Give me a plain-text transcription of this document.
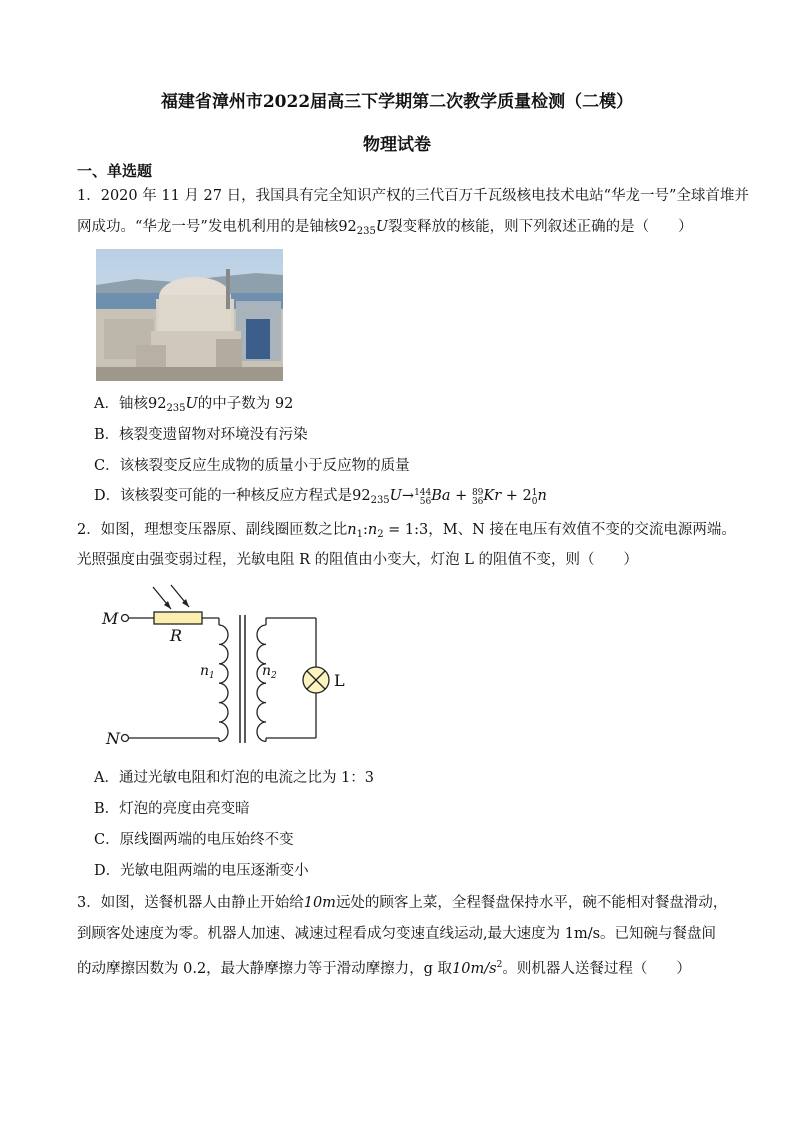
福建省漳州市2022届高三下学期第二次教学质量检测（二模）
物理试卷
一、单选题
1．2020 年 11 月 27 日，我国具有完全知识产权的三代百万千瓦级核电技术电站“华龙一号”全球首堆并
网成功。“华龙一号”发电机利用的是铀核$92_{235}U$裂变释放的核能，则下列叙述正确的是（　　）
A．铀核$92_{235}U$的中子数为 92
B．核裂变遗留物对环境没有污染
C．该核裂变反应生成物的质量小于反应物的质量
D．该核裂变可能的一种核反应方程式是$92_{235}U\to 144$
56Ba + 89
36Kr + 21
0n
2．如图，理想变压器原、副线圈匝数之比$n_1:n_2$ = 1:3，M、N 接在电压有效值不变的交流电源两端。
光照强度由强变弱过程，光敏电阻 R 的阻值由小变大，灯泡 L 的阻值不变，则（　　）
M
N
R
$n_1$	$n_2$	L
A．通过光敏电阻和灯泡的电流之比为 1：3
B．灯泡的亮度由亮变暗
C．原线圈两端的电压始终不变
D．光敏电阻两端的电压逐渐变小
3．如图，送餐机器人由静止开始给10m远处的顾客上菜，全程餐盘保持水平，碗不能相对餐盘滑动，
到顾客处速度为零。机器人加速、减速过程看成匀变速直线运动,最大速度为 1m/s。已知碗与餐盘间
的动摩擦因数为 0.2，最大静摩擦力等于滑动摩擦力，g 取$10m/s^2$。则机器人送餐过程（　　）
